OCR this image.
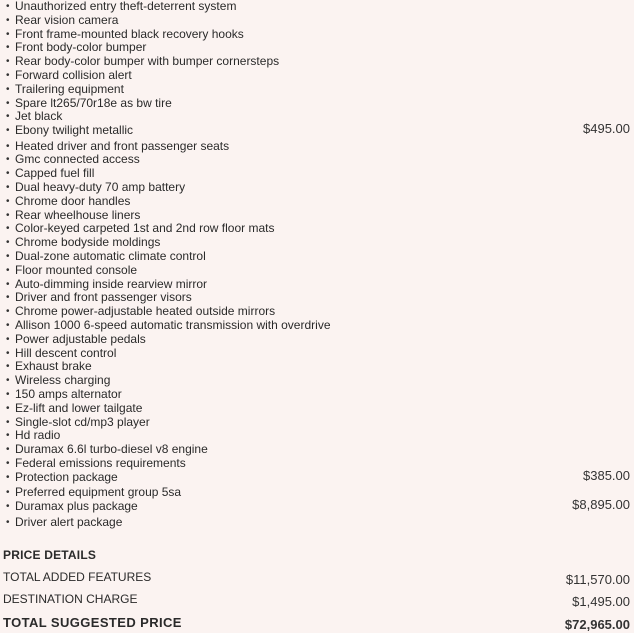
• Unauthorized entry theft-deterrent system
• Rear vision camera
• Front frame-mounted black recovery hooks
• Front body-color bumper
• Rear body-color bumper with bumper cornersteps
• Forward collision alert
• Trailering equipment
• Spare lt265/70r18e as bw tire
• Jet black
• Ebony twilight metallic	$495.00
• Heated driver and front passenger seats
• Gmc connected access
• Capped fuel fill
• Dual heavy-duty 70 amp battery
• Chrome door handles
• Rear wheelhouse liners
• Color-keyed carpeted 1st and 2nd row floor mats
• Chrome bodyside moldings
• Dual-zone automatic climate control
• Floor mounted console
• Auto-dimming inside rearview mirror
• Driver and front passenger visors
• Chrome power-adjustable heated outside mirrors
• Allison 1000 6-speed automatic transmission with overdrive
• Power adjustable pedals
• Hill descent control
• Exhaust brake
• Wireless charging
• 150 amps alternator
• Ez-lift and lower tailgate
• Single-slot cd/mp3 player
• Hd radio
• Duramax 6.6l turbo-diesel v8 engine
• Federal emissions requirements
• Protection package	$385.00
• Preferred equipment group 5sa
• Duramax plus package	$8,895.00
• Driver alert package
PRICE DETAILS
TOTAL ADDED FEATURES	$11,570.00
DESTINATION CHARGE	$1,495.00
TOTAL SUGGESTED PRICE	$72,965.00
